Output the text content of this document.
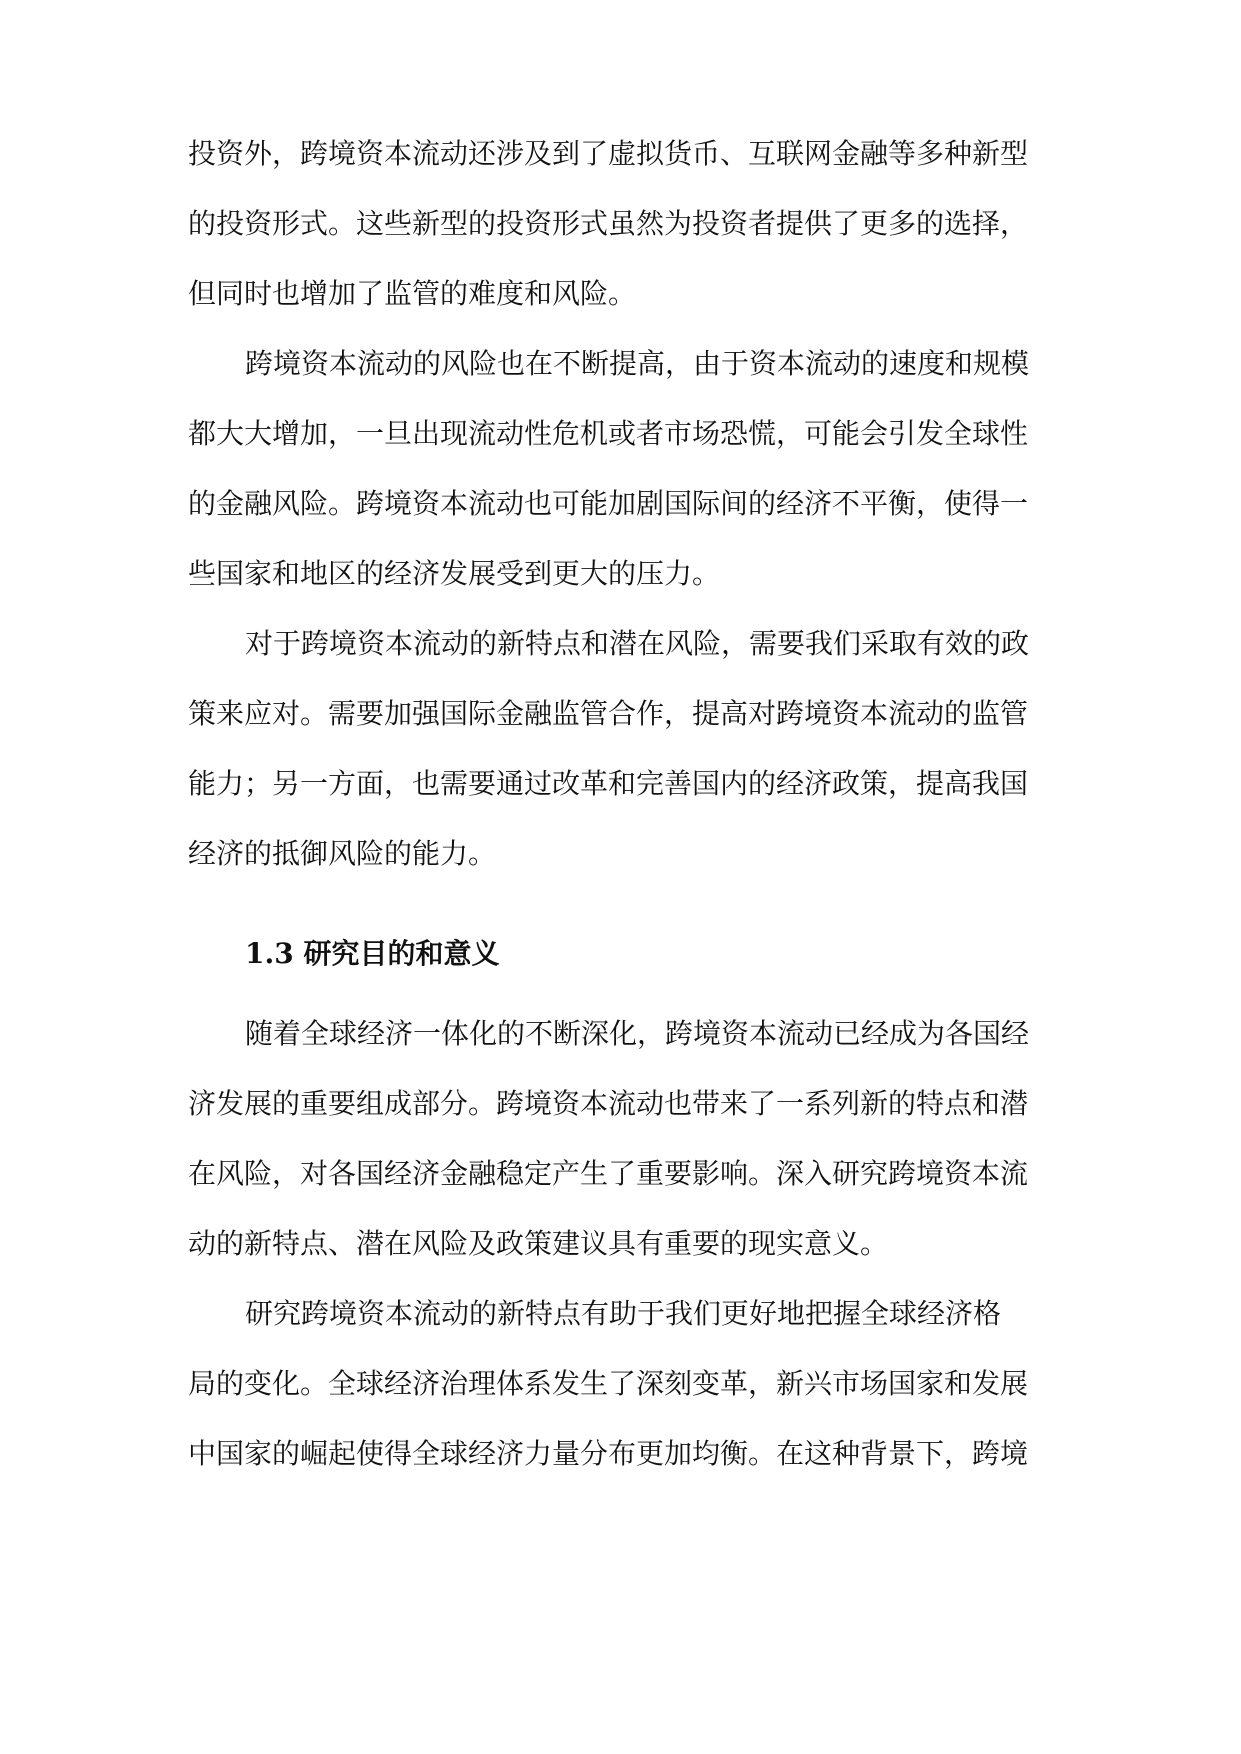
投资外，跨境资本流动还涉及到了虚拟货币、互联网金融等多种新型
的投资形式。这些新型的投资形式虽然为投资者提供了更多的选择，
但同时也增加了监管的难度和风险。
跨境资本流动的风险也在不断提高，由于资本流动的速度和规模
都大大增加，一旦出现流动性危机或者市场恐慌，可能会引发全球性
的金融风险。跨境资本流动也可能加剧国际间的经济不平衡，使得一
些国家和地区的经济发展受到更大的压力。
对于跨境资本流动的新特点和潜在风险，需要我们采取有效的政
策来应对。需要加强国际金融监管合作，提高对跨境资本流动的监管
能力；另一方面，也需要通过改革和完善国内的经济政策，提高我国
经济的抵御风险的能力。
1.3 研究目的和意义
随着全球经济一体化的不断深化，跨境资本流动已经成为各国经
济发展的重要组成部分。跨境资本流动也带来了一系列新的特点和潜
在风险，对各国经济金融稳定产生了重要影响。深入研究跨境资本流
动的新特点、潜在风险及政策建议具有重要的现实意义。
研究跨境资本流动的新特点有助于我们更好地把握全球经济格
局的变化。全球经济治理体系发生了深刻变革，新兴市场国家和发展
中国家的崛起使得全球经济力量分布更加均衡。在这种背景下，跨境
